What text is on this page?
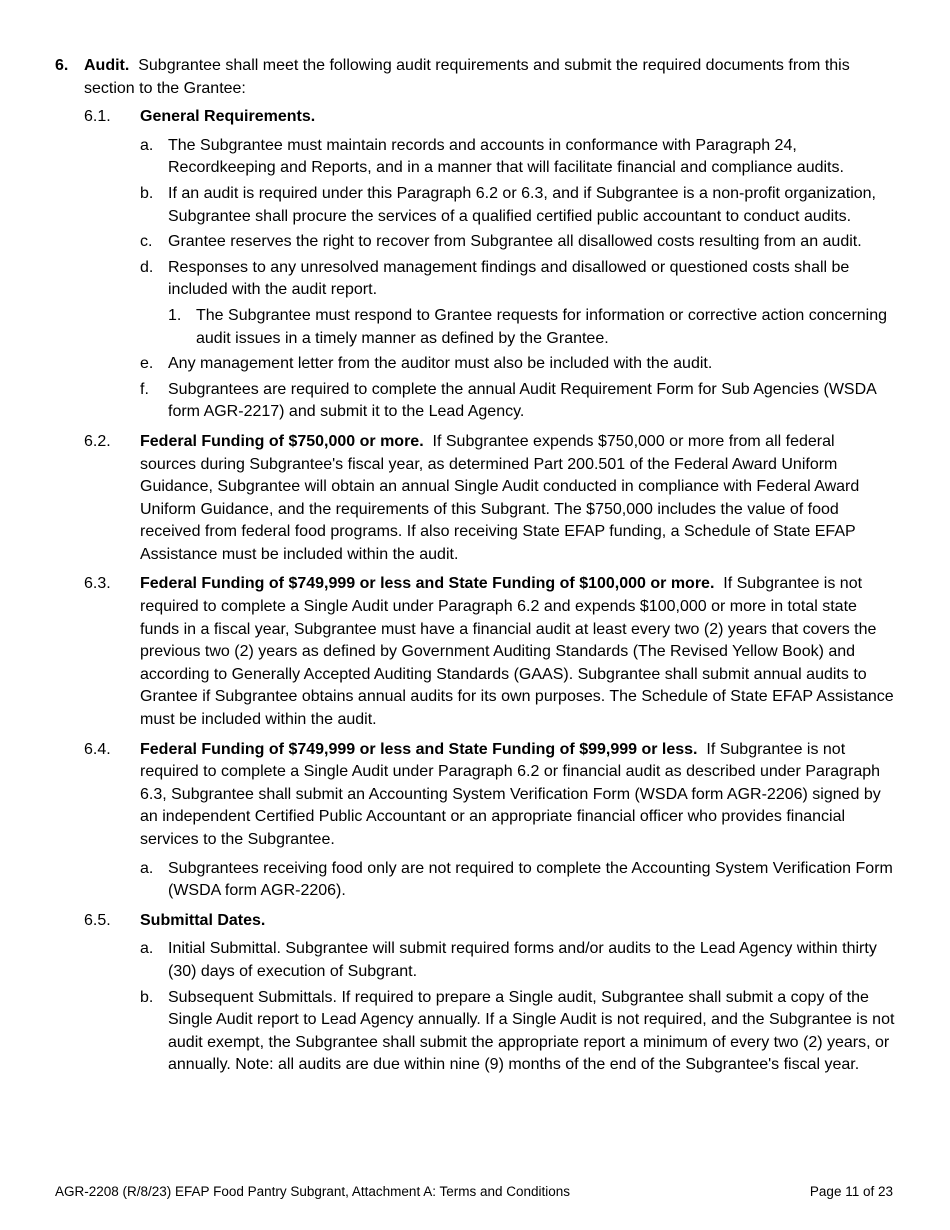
6. Audit. Subgrantee shall meet the following audit requirements and submit the required documents from this section to the Grantee:
6.1. General Requirements.
a. The Subgrantee must maintain records and accounts in conformance with Paragraph 24, Recordkeeping and Reports, and in a manner that will facilitate financial and compliance audits.
b. If an audit is required under this Paragraph 6.2 or 6.3, and if Subgrantee is a non-profit organization, Subgrantee shall procure the services of a qualified certified public accountant to conduct audits.
c. Grantee reserves the right to recover from Subgrantee all disallowed costs resulting from an audit.
d. Responses to any unresolved management findings and disallowed or questioned costs shall be included with the audit report.
1. The Subgrantee must respond to Grantee requests for information or corrective action concerning audit issues in a timely manner as defined by the Grantee.
e. Any management letter from the auditor must also be included with the audit.
f. Subgrantees are required to complete the annual Audit Requirement Form for Sub Agencies (WSDA form AGR-2217) and submit it to the Lead Agency.
6.2. Federal Funding of $750,000 or more. If Subgrantee expends $750,000 or more from all federal sources during Subgrantee's fiscal year, as determined Part 200.501 of the Federal Award Uniform Guidance, Subgrantee will obtain an annual Single Audit conducted in compliance with Federal Award Uniform Guidance, and the requirements of this Subgrant. The $750,000 includes the value of food received from federal food programs. If also receiving State EFAP funding, a Schedule of State EFAP Assistance must be included within the audit.
6.3. Federal Funding of $749,999 or less and State Funding of $100,000 or more. If Subgrantee is not required to complete a Single Audit under Paragraph 6.2 and expends $100,000 or more in total state funds in a fiscal year, Subgrantee must have a financial audit at least every two (2) years that covers the previous two (2) years as defined by Government Auditing Standards (The Revised Yellow Book) and according to Generally Accepted Auditing Standards (GAAS). Subgrantee shall submit annual audits to Grantee if Subgrantee obtains annual audits for its own purposes. The Schedule of State EFAP Assistance must be included within the audit.
6.4. Federal Funding of $749,999 or less and State Funding of $99,999 or less. If Subgrantee is not required to complete a Single Audit under Paragraph 6.2 or financial audit as described under Paragraph 6.3, Subgrantee shall submit an Accounting System Verification Form (WSDA form AGR-2206) signed by an independent Certified Public Accountant or an appropriate financial officer who provides financial services to the Subgrantee.
a. Subgrantees receiving food only are not required to complete the Accounting System Verification Form (WSDA form AGR-2206).
6.5. Submittal Dates.
a. Initial Submittal. Subgrantee will submit required forms and/or audits to the Lead Agency within thirty (30) days of execution of Subgrant.
b. Subsequent Submittals. If required to prepare a Single audit, Subgrantee shall submit a copy of the Single Audit report to Lead Agency annually. If a Single Audit is not required, and the Subgrantee is not audit exempt, the Subgrantee shall submit the appropriate report a minimum of every two (2) years, or annually. Note: all audits are due within nine (9) months of the end of the Subgrantee's fiscal year.
AGR-2208 (R/8/23) EFAP Food Pantry Subgrant, Attachment A: Terms and Conditions	Page 11 of 23
